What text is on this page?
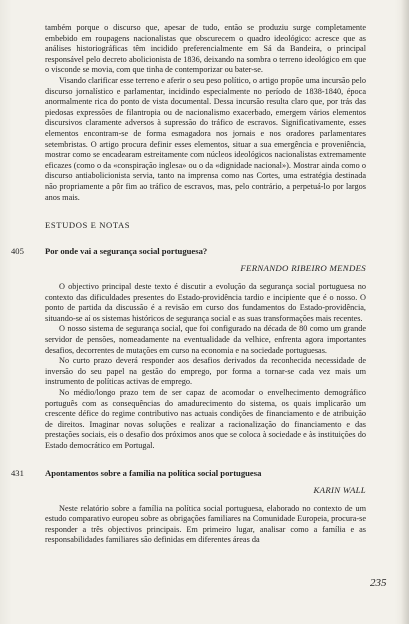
também porque o discurso que, apesar de tudo, então se produziu surge completamente embebido em roupagens nacionalistas que obscurecem o quadro ideológico: acresce que as análises historiográficas têm incidido preferencialmente em Sá da Bandeira, o principal responsável pelo decreto abolicionista de 1836, deixando na sombra o terreno ideológico em que o visconde se movia, com que tinha de contemporizar ou bater-se.

Visando clarificar esse terreno e aferir o seu peso político, o artigo propõe uma incursão pelo discurso jornalístico e parlamentar, incidindo especialmente no período de 1838-1840, época anormalmente rica do ponto de vista documental. Dessa incursão resulta claro que, por trás das piedosas expressões de filantropia ou de nacionalismo exacerbado, emergem vários elementos discursivos claramente adversos à supressão do tráfico de escravos. Significativamente, esses elementos encontram-se de forma esmagadora nos jornais e nos oradores parlamentares setembristas. O artigo procura definir esses elementos, situar a sua emergência e proveniência, mostrar como se encadearam estreitamente com núcleos ideológicos nacionalistas extremamente eficazes (como o da «conspiração inglesa» ou o da «dignidade nacional»). Mostrar ainda como o discurso antiabolicionista servia, tanto na imprensa como nas Cortes, uma estratégia destinada não propriamente a pôr fim ao tráfico de escravos, mas, pelo contrário, a perpetuá-lo por largos anos mais.

ESTUDOS E NOTAS
405 Por onde vai a segurança social portuguesa?

FERNANDO RIBEIRO MENDES

O objectivo principal deste texto é discutir a evolução da segurança social portuguesa no contexto das dificuldades presentes do Estado-providência tardio e incipiente que é o nosso. O ponto de partida da discussão é a revisão em curso dos fundamentos do Estado-providência, situando-se aí os sistemas históricos de segurança social e as suas transformações mais recentes.

O nosso sistema de segurança social, que foi configurado na década de 80 como um grande servidor de pensões, nomeadamente na eventualidade da velhice, enfrenta agora importantes desafios, decorrentes de mutações em curso na economia e na sociedade portuguesas.

No curto prazo deverá responder aos desafios derivados da reconhecida necessidade de inversão do seu papel na gestão do emprego, por forma a tornar-se cada vez mais um instrumento de políticas activas de emprego.

No médio/longo prazo tem de ser capaz de acomodar o envelhecimento demográfico português com as consequências do amadurecimento do sistema, os quais implicarão um crescente défice do regime contributivo nas actuais condições de financiamento e de atribuição de direitos. Imaginar novas soluções e realizar a racionalização do financiamento e das prestações sociais, eis o desafio dos próximos anos que se coloca à sociedade e às instituições do Estado democrático em Portugal.

431 Apontamentos sobre a família na política social portuguesa

KARIN WALL

Neste relatório sobre a família na política social portuguesa, elaborado no contexto de um estudo comparativo europeu sobre as obrigações familiares na Comunidade Europeia, procura-se responder a três objectivos principais. Em primeiro lugar, analisar como a família e as responsabilidades familiares são definidas em diferentes áreas da

235
